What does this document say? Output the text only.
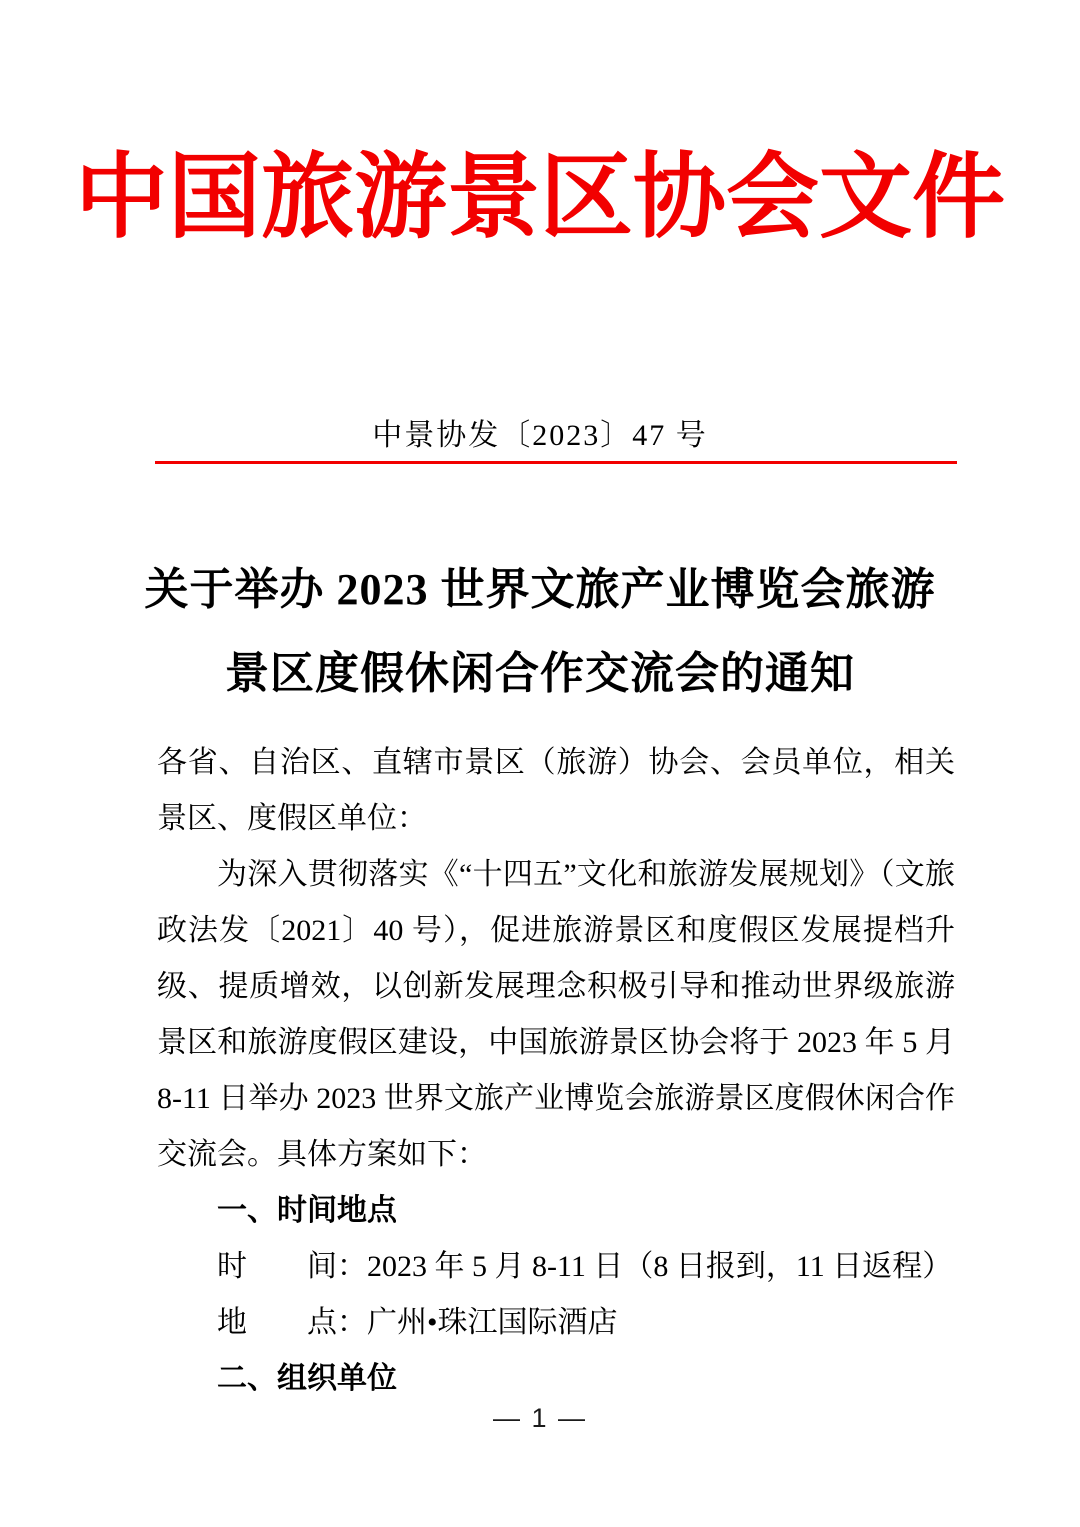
中国旅游景区协会文件
中景协发〔2023〕47 号
关于举办 2023 世界文旅产业博览会旅游
景区度假休闲合作交流会的通知

各省、自治区、直辖市景区（旅游）协会、会员单位，相关景区、度假区单位：

为深入贯彻落实《“十四五”文化和旅游发展规划》（文旅政法发〔2021〕40 号），促进旅游景区和度假区发展提档升级、提质增效，以创新发展理念积极引导和推动世界级旅游景区和旅游度假区建设，中国旅游景区协会将于 2023 年 5 月 8-11 日举办 2023 世界文旅产业博览会旅游景区度假休闲合作交流会。具体方案如下：

一、时间地点

时　　间：2023 年 5 月 8-11 日（8 日报到，11 日返程）

地　　点：广州•珠江国际酒店

二、组织单位
— 1 —
